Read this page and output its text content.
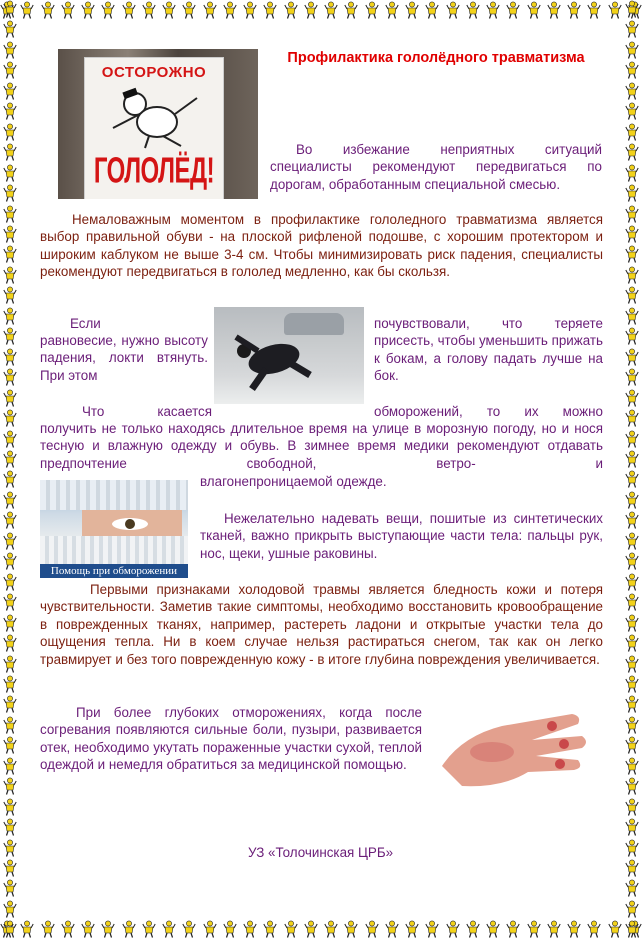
ОСТОРОЖНО
ГОЛОЛЁД!
Профилактика гололёдного травматизма

Во избежание неприятных ситуаций специалисты рекомендуют передвигаться по дорогам, обработанным специальной смесью.

Немаловажным моментом в профилактике гололедного травматизма является выбор правильной обуви - на плоской рифленой подошве, с хорошим протектором и широким каблуком не выше 3-4 см. Чтобы минимизировать риск падения, специалисты рекомендуют передвигаться в гололед медленно, как бы скользя.

Если

равновесие, нужно высоту падения, локти втянуть. При этом

почувствовали, что теряете присесть, чтобы уменьшить прижать к бокам, а голову падать лучше на бок.

Что касается	обморожений, то их можно

получить не только находясь длительное время на улице в морозную погоду, но и нося тесную и влажную одежду и обувь. В зимнее время медики рекомендуют отдавать предпочтение свободной, ветро- и

Помощь при обморожении

влагонепроницаемой одежде.

Нежелательно надевать вещи, пошитые из синтетических тканей, важно прикрыть выступающие части тела: пальцы рук, нос, щеки, ушные раковины.

Первыми признаками холодовой травмы является бледность кожи и потеря чувствительности. Заметив такие симптомы, необходимо восстановить кровообращение в поврежденных тканях, например, растереть ладони и открытые участки тела до ощущения тепла. Ни в коем случае нельзя растираться снегом, так как он легко травмирует и без того поврежденную кожу - в итоге глубина повреждения увеличивается.

При более глубоких отморожениях, когда после согревания появляются сильные боли, пузыри, развивается отек, необходимо укутать пораженные участки сухой, теплой одеждой и немедля обратиться за медицинской помощью.

УЗ «Толочинская ЦРБ»
